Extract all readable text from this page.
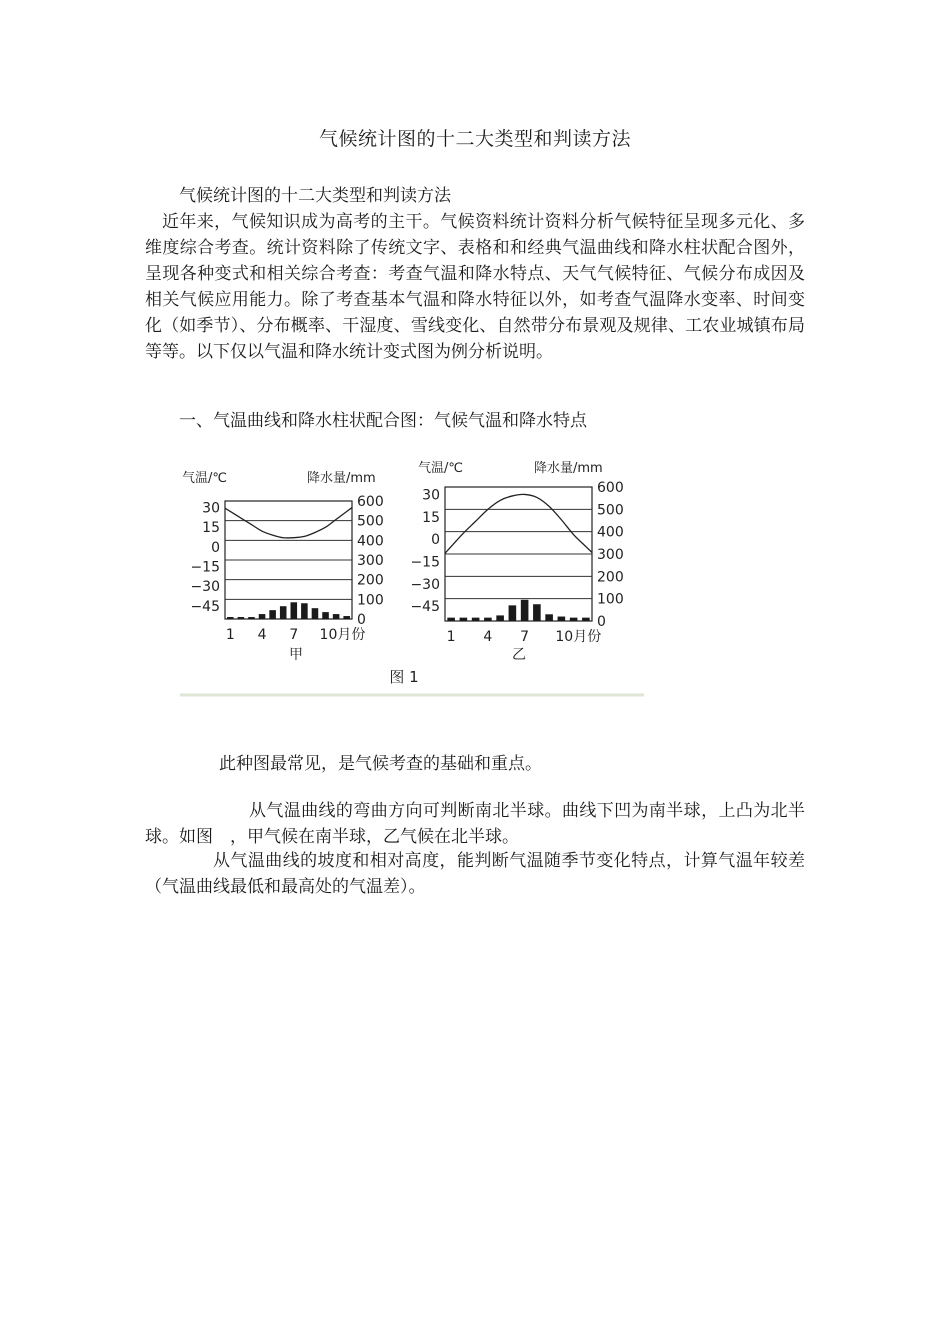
气候统计图的十二大类型和判读方法

气候统计图的十二大类型和判读方法

近年来，气候知识成为高考的主干。气候资料统计资料分析气候特征呈现多元化、多维度综合考查。统计资料除了传统文字、表格和和经典气温曲线和降水柱状配合图外，呈现各种变式和相关综合考查：考查气温和降水特点、天气气候特征、气候分布成因及相关气候应用能力。除了考查基本气温和降水特征以外，如考查气温降水变率、时间变化（如季节）、分布概率、干湿度、雪线变化、自然带分布景观及规律、工农业城镇布局等等。以下仅以气温和降水统计变式图为例分析说明。

一、气温曲线和降水柱状配合图：气候气温和降水特点

气温/℃	降水量/mm
600
500
400
300
200
100
0
30
15
0
−15
−30
−45
1 4 7 10月份
甲
气温/℃	降水量/mm
600
500
400
300
200
100
0
30
15
0
−15
−30
−45
1 4 7 10月份
乙
图 1

此种图最常见，是气候考查的基础和重点。

从气温曲线的弯曲方向可判断南北半球。曲线下凹为南半球，上凸为北半球。如图　，甲气候在南半球，乙气候在北半球。

从气温曲线的坡度和相对高度，能判断气温随季节变化特点，计算气温年较差（气温曲线最低和最高处的气温差）。
